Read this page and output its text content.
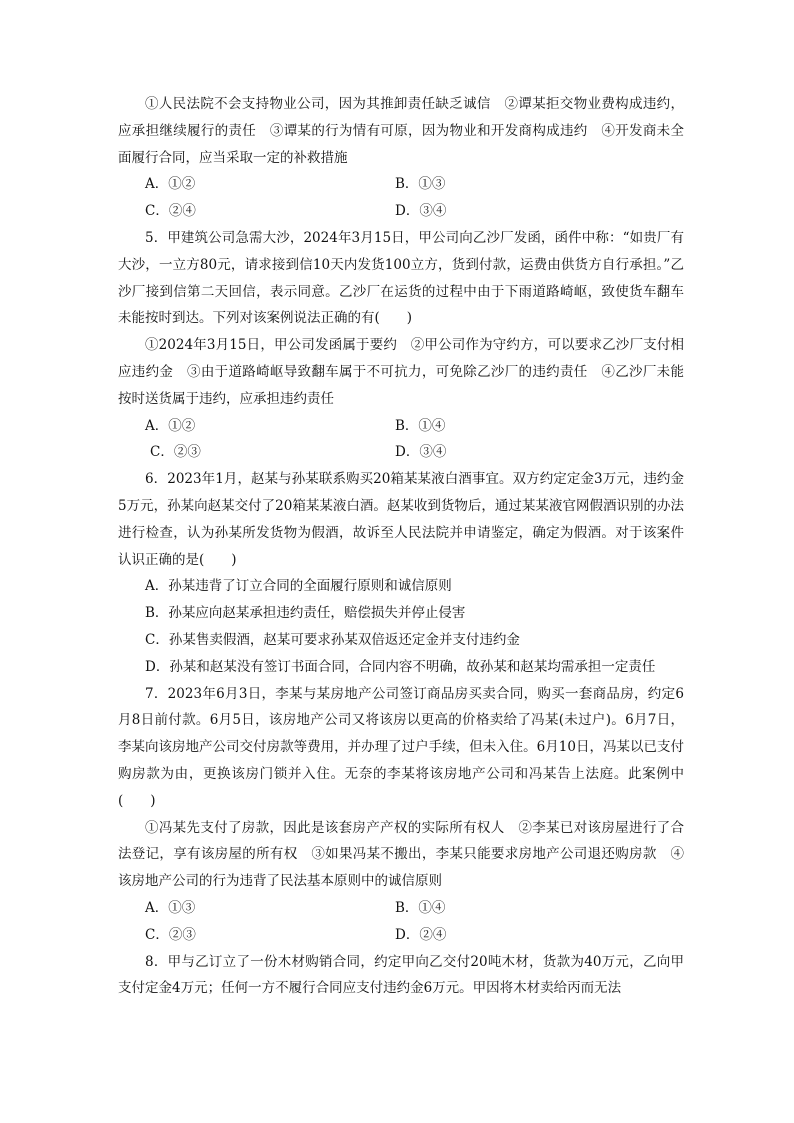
①人民法院不会支持物业公司，因为其推卸责任缺乏诚信　②谭某拒交物业费构成违约，应承担继续履行的责任　③谭某的行为情有可原，因为物业和开发商构成违约　④开发商未全面履行合同，应当采取一定的补救措施

A．①②	B．①③
C．②④	D．③④

5．甲建筑公司急需大沙，2024年3月15日，甲公司向乙沙厂发函，函件中称：“如贵厂有大沙，一立方80元，请求接到信10天内发货100立方，货到付款，运费由供货方自行承担。”乙沙厂接到信第二天回信，表示同意。乙沙厂在运货的过程中由于下雨道路崎岖，致使货车翻车未能按时到达。下列对该案例说法正确的有(　　)

①2024年3月15日，甲公司发函属于要约　②甲公司作为守约方，可以要求乙沙厂支付相应违约金　③由于道路崎岖导致翻车属于不可抗力，可免除乙沙厂的违约责任　④乙沙厂未能按时送货属于违约，应承担违约责任

A．①②	B．①④
C．②③	D．③④

6．2023年1月，赵某与孙某联系购买20箱某某液白酒事宜。双方约定定金3万元，违约金5万元，孙某向赵某交付了20箱某某液白酒。赵某收到货物后，通过某某液官网假酒识别的办法进行检查，认为孙某所发货物为假酒，故诉至人民法院并申请鉴定，确定为假酒。对于该案件认识正确的是(　　)

A．孙某违背了订立合同的全面履行原则和诚信原则

B．孙某应向赵某承担违约责任，赔偿损失并停止侵害

C．孙某售卖假酒，赵某可要求孙某双倍返还定金并支付违约金

D．孙某和赵某没有签订书面合同，合同内容不明确，故孙某和赵某均需承担一定责任

7．2023年6月3日，李某与某房地产公司签订商品房买卖合同，购买一套商品房，约定6月8日前付款。6月5日，该房地产公司又将该房以更高的价格卖给了冯某(未过户)。6月7日，李某向该房地产公司交付房款等费用，并办理了过户手续，但未入住。6月10日，冯某以已支付购房款为由，更换该房门锁并入住。无奈的李某将该房地产公司和冯某告上法庭。此案例中(　　)

①冯某先支付了房款，因此是该套房产产权的实际所有权人　②李某已对该房屋进行了合法登记，享有该房屋的所有权　③如果冯某不搬出，李某只能要求房地产公司退还购房款　④该房地产公司的行为违背了民法基本原则中的诚信原则

A．①③	B．①④
C．②③	D．②④

8．甲与乙订立了一份木材购销合同，约定甲向乙交付20吨木材，货款为40万元，乙向甲支付定金4万元；任何一方不履行合同应支付违约金6万元。甲因将木材卖给丙而无法
